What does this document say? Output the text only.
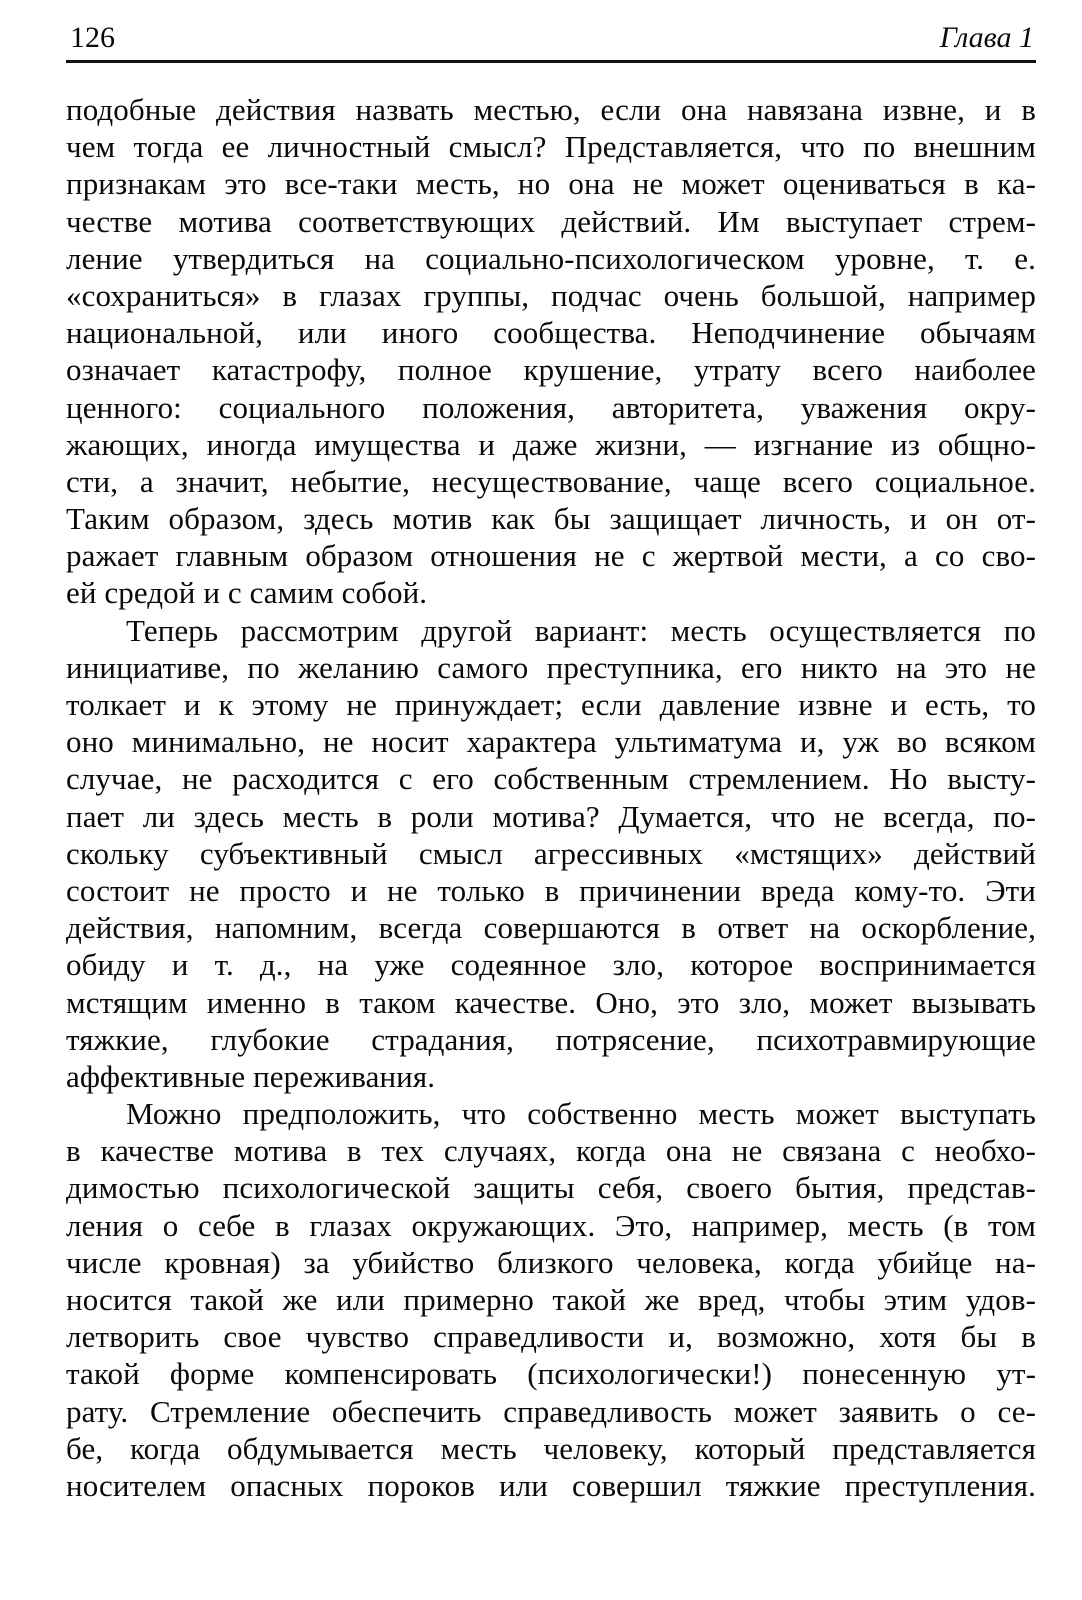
126	Глава 1
подобные действия назвать местью, если она навязана извне, и в
чем тогда ее личностный смысл? Представляется, что по внешним
признакам это все-таки месть, но она не может оцениваться в ка-
честве мотива соответствующих действий. Им выступает стрем-
ление утвердиться на социально-психологическом уровне, т. е.
«сохраниться» в глазах группы, подчас очень большой, например
национальной, или иного сообщества. Неподчинение обычаям
означает катастрофу, полное крушение, утрату всего наиболее
ценного: социального положения, авторитета, уважения окру-
жающих, иногда имущества и даже жизни, — изгнание из общно-
сти, а значит, небытие, несуществование, чаще всего социальное.
Таким образом, здесь мотив как бы защищает личность, и он от-
ражает главным образом отношения не с жертвой мести, а со сво-
ей средой и с самим собой.
Теперь рассмотрим другой вариант: месть осуществляется по
инициативе, по желанию самого преступника, его никто на это не
толкает и к этому не принуждает; если давление извне и есть, то
оно минимально, не носит характера ультиматума и, уж во всяком
случае, не расходится с его собственным стремлением. Но высту-
пает ли здесь месть в роли мотива? Думается, что не всегда, по-
скольку субъективный смысл агрессивных «мстящих» действий
состоит не просто и не только в причинении вреда кому-то. Эти
действия, напомним, всегда совершаются в ответ на оскорбление,
обиду и т. д., на уже содеянное зло, которое воспринимается
мстящим именно в таком качестве. Оно, это зло, может вызывать
тяжкие, глубокие страдания, потрясение, психотравмирующие
аффективные переживания.
Можно предположить, что собственно месть может выступать
в качестве мотива в тех случаях, когда она не связана с необхо-
димостью психологической защиты себя, своего бытия, представ-
ления о себе в глазах окружающих. Это, например, месть (в том
числе кровная) за убийство близкого человека, когда убийце на-
носится такой же или примерно такой же вред, чтобы этим удов-
летворить свое чувство справедливости и, возможно, хотя бы в
такой форме компенсировать (психологически!) понесенную ут-
рату. Стремление обеспечить справедливость может заявить о се-
бе, когда обдумывается месть человеку, который представляется
носителем опасных пороков или совершил тяжкие преступления.
